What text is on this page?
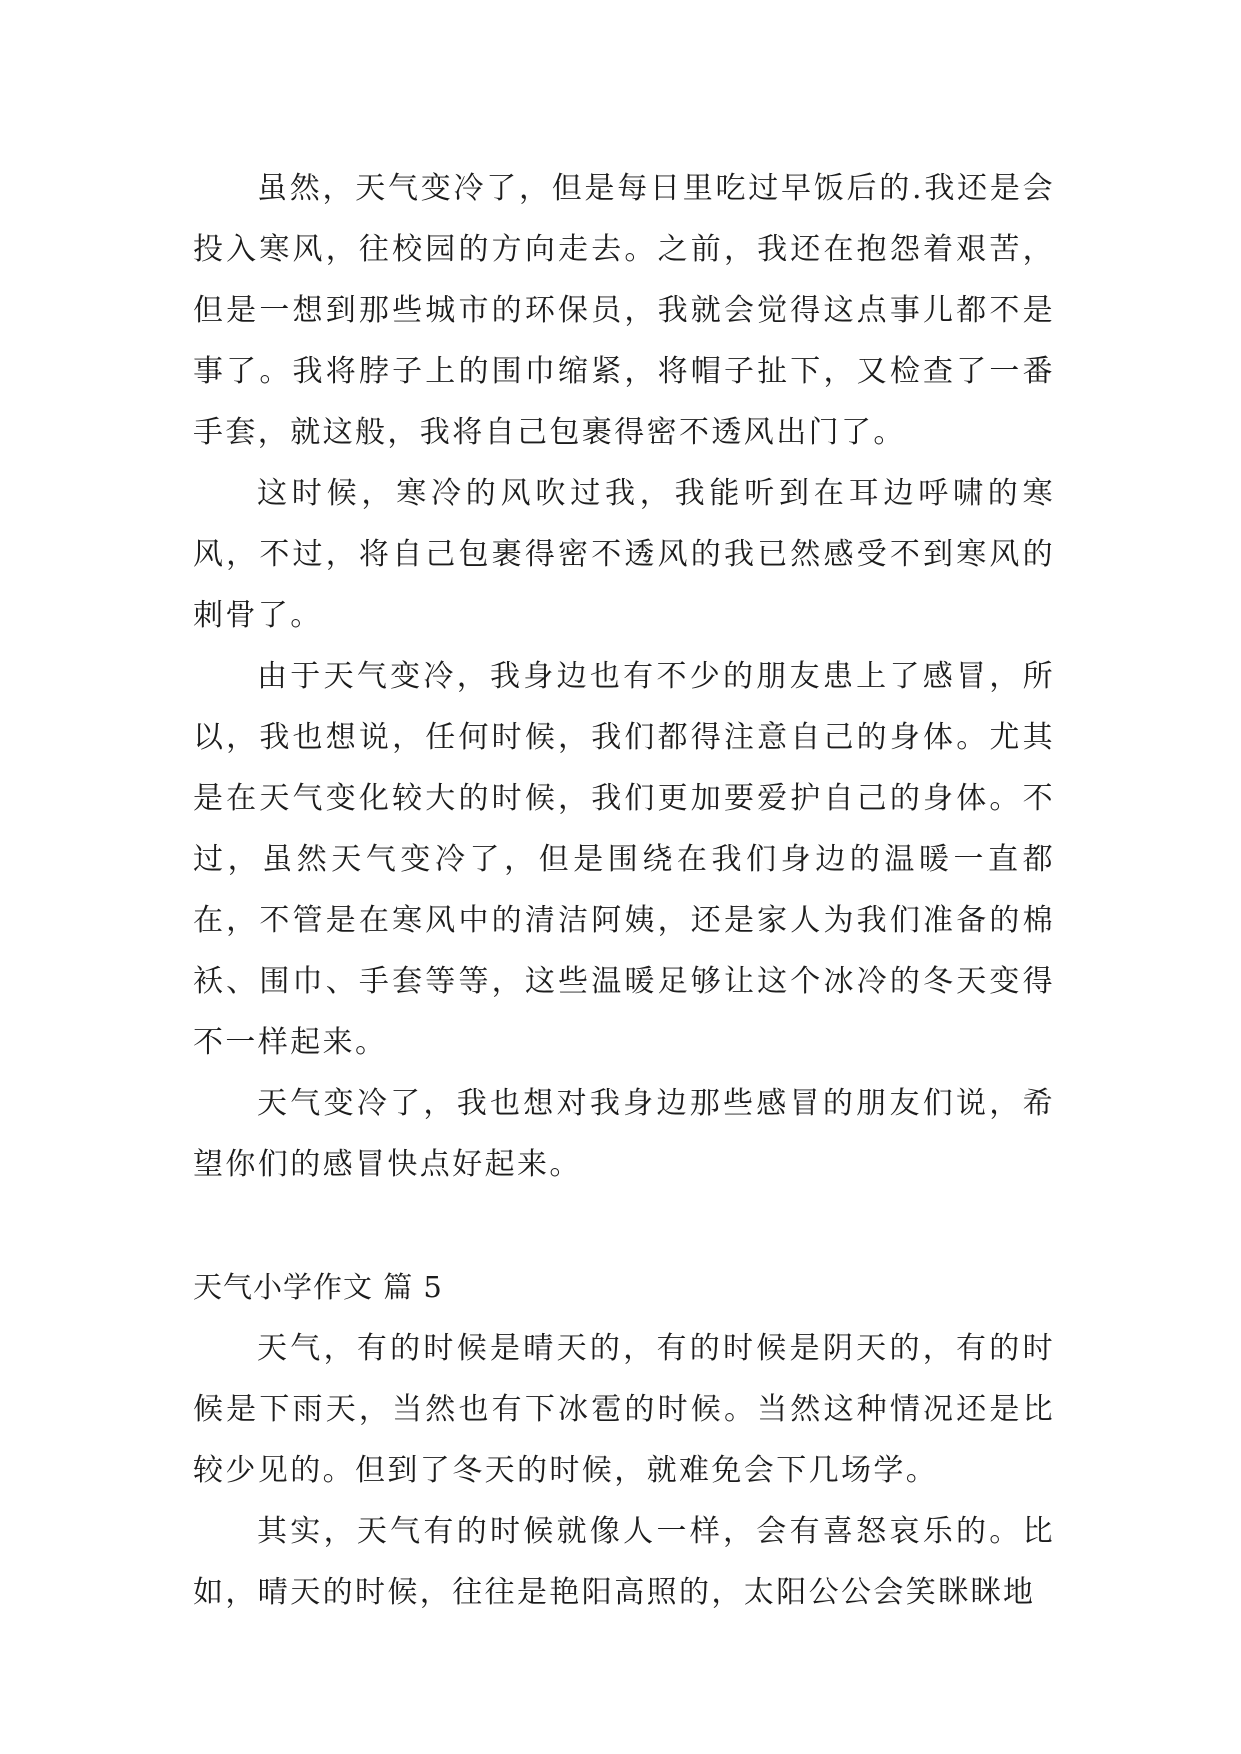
虽然，天气变冷了，但是每日里吃过早饭后的.我还是会投入寒风，往校园的方向走去。之前，我还在抱怨着艰苦，但是一想到那些城市的环保员，我就会觉得这点事儿都不是事了。我将脖子上的围巾缩紧，将帽子扯下，又检查了一番手套，就这般，我将自己包裹得密不透风出门了。

这时候，寒冷的风吹过我，我能听到在耳边呼啸的寒风，不过，将自己包裹得密不透风的我已然感受不到寒风的刺骨了。

由于天气变冷，我身边也有不少的朋友患上了感冒，所以，我也想说，任何时候，我们都得注意自己的身体。尤其是在天气变化较大的时候，我们更加要爱护自己的身体。不过，虽然天气变冷了，但是围绕在我们身边的温暖一直都在，不管是在寒风中的清洁阿姨，还是家人为我们准备的棉袄、围巾、手套等等，这些温暖足够让这个冰冷的冬天变得不一样起来。

天气变冷了，我也想对我身边那些感冒的朋友们说，希望你们的感冒快点好起来。

天气小学作文 篇 5

天气，有的时候是晴天的，有的时候是阴天的，有的时候是下雨天，当然也有下冰雹的时候。当然这种情况还是比较少见的。但到了冬天的时候，就难免会下几场学。

其实，天气有的时候就像人一样，会有喜怒哀乐的。比如，晴天的时候，往往是艳阳高照的，太阳公公会笑眯眯地
